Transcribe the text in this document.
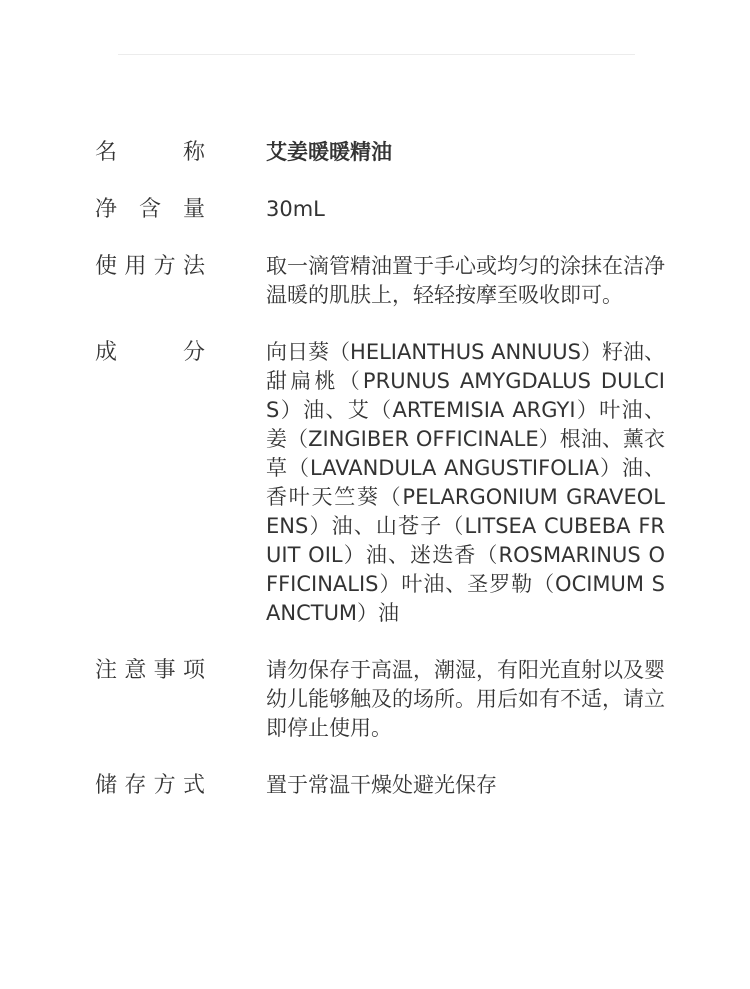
名	称	艾姜暖暖精油
净 含 量	30mL
使 用 方 法	取一滴管精油置于手心或均匀的涂抹在洁净温暖的肌肤上，轻轻按摩至吸收即可。
成	分	向日葵（HELIANTHUS ANNUUS）籽油、甜扁桃（PRUNUS AMYGDALUS DULCIS）油、艾（ARTEMISIA ARGYI）叶油、姜（ZINGIBER OFFICINALE）根油、薰衣草（LAVANDULA ANGUSTIFOLIA）油、香叶天竺葵（PELARGONIUM GRAVEOLENS）油、山苍子（LITSEA CUBEBA FRUIT OIL）油、迷迭香（ROSMARINUS OFFICINALIS）叶油、圣罗勒（OCIMUM SANCTUM）油
注 意 事 项	请勿保存于高温，潮湿，有阳光直射以及婴幼儿能够触及的场所。用后如有不适，请立即停止使用。
储 存 方 式	置于常温干燥处避光保存
